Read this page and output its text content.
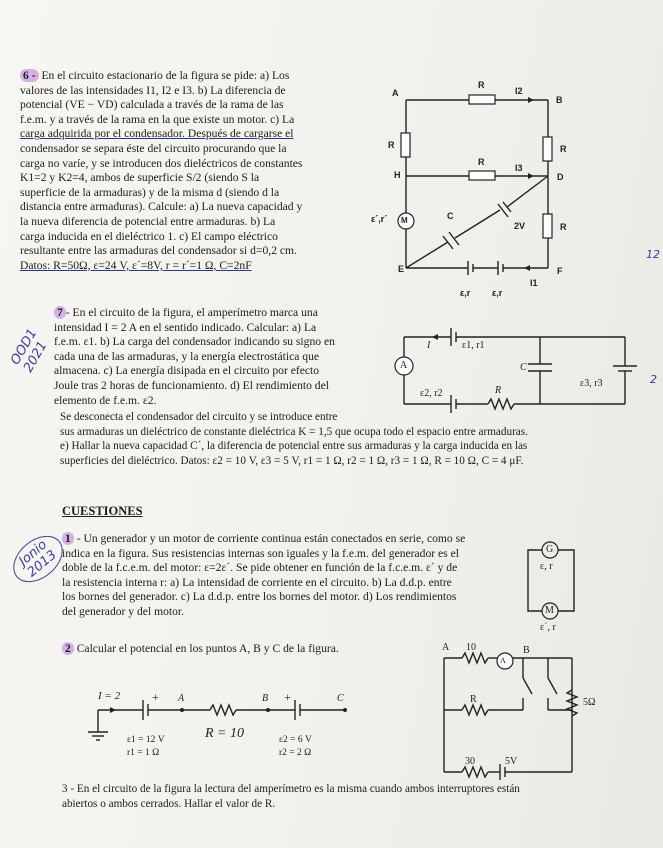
6 - En el circuito estacionario de la figura se pide: a) Los

valores de las intensidades I1, I2 e I3. b) La diferencia de

potencial (VE − VD) calculada a través de la rama de las

f.e.m. y a través de la rama en la que existe un motor. c) La

carga adquirida por el condensador. Después de cargarse el

condensador se separa éste del circuito procurando que la

carga no varíe, y se introducen dos dieléctricos de constantes

K1=2 y K2=4, ambos de superficie S/2 (siendo S la

superficie de la armaduras) y de la misma d (siendo d la

distancia entre armaduras). Calcule: a) La nueva capacidad y

la nueva diferencia de potencial entre armaduras. b) La

carga inducida en el dieléctrico 1. c) El campo eléctrico

resultante entre las armaduras del condensador si d=0,2 cm.

Datos: R=50Ω, ε=24 V, ε´=8V, r = r´=1 Ω, C=2nF

A
B
H	D
E	F
R
I2
R	R
R
I3
R
M
ε´,r´	C
2V
I1
ε,r ε,r

7 - En el circuito de la figura, el amperímetro marca una

intensidad I = 2 A en el sentido indicado. Calcular: a) La

f.e.m. ε1. b) La carga del condensador indicando su signo en

cada una de las armaduras, y la energía electrostática que

almacena. c) La energía disipada en el circuito por efecto

Joule tras 2 horas de funcionamiento. d) El rendimiento del

elemento de f.e.m. ε2.

Se desconecta el condensador del circuito y se introduce entre

sus armaduras un dieléctrico de constante dieléctrica K = 1,5 que ocupa todo el espacio entre armaduras.

e) Hallar la nueva capacidad C´, la diferencia de potencial entre sus armaduras y la carga inducida en las

superficies del dieléctrico. Datos: ε2 = 10 V, ε3 = 5 V, r1 = 1 Ω, r2 = 1 Ω, r3 = 1 Ω, R = 10 Ω, C = 4 μF.

A
I	ε1, r1
ε2, r2	R
C
ε3, r3
CUESTIONES

1 - Un generador y un motor de corriente continua están conectados en serie, como se

indica en la figura. Sus resistencias internas son iguales y la f.e.m. del generador es el

doble de la f.c.e.m. del motor: ε=2ε´. Se pide obtener en función de la f.c.e.m. ε´ y de

la resistencia interna r: a) La intensidad de corriente en el circuito. b) La d.d.p. entre

los bornes del generador. c) La d.d.p. entre los bornes del motor. d) Los rendimientos

del generador y del motor.

G
ε, r
M
ε´, r

2 Calcular el potencial en los puntos A, B y C de la figura.

I = 2	+ A	B +	C
R = 10
ε1 = 12 V
r1 = 1 Ω
ε2 = 6 V
r2 = 2 Ω
A 10
A
B
R	5Ω
30	5V

3 - En el circuito de la figura la lectura del amperímetro es la misma cuando ambos interruptores están

abiertos o ambos cerrados. Hallar el valor de R.

OOD1 2021
Jonio 2013
12
2
